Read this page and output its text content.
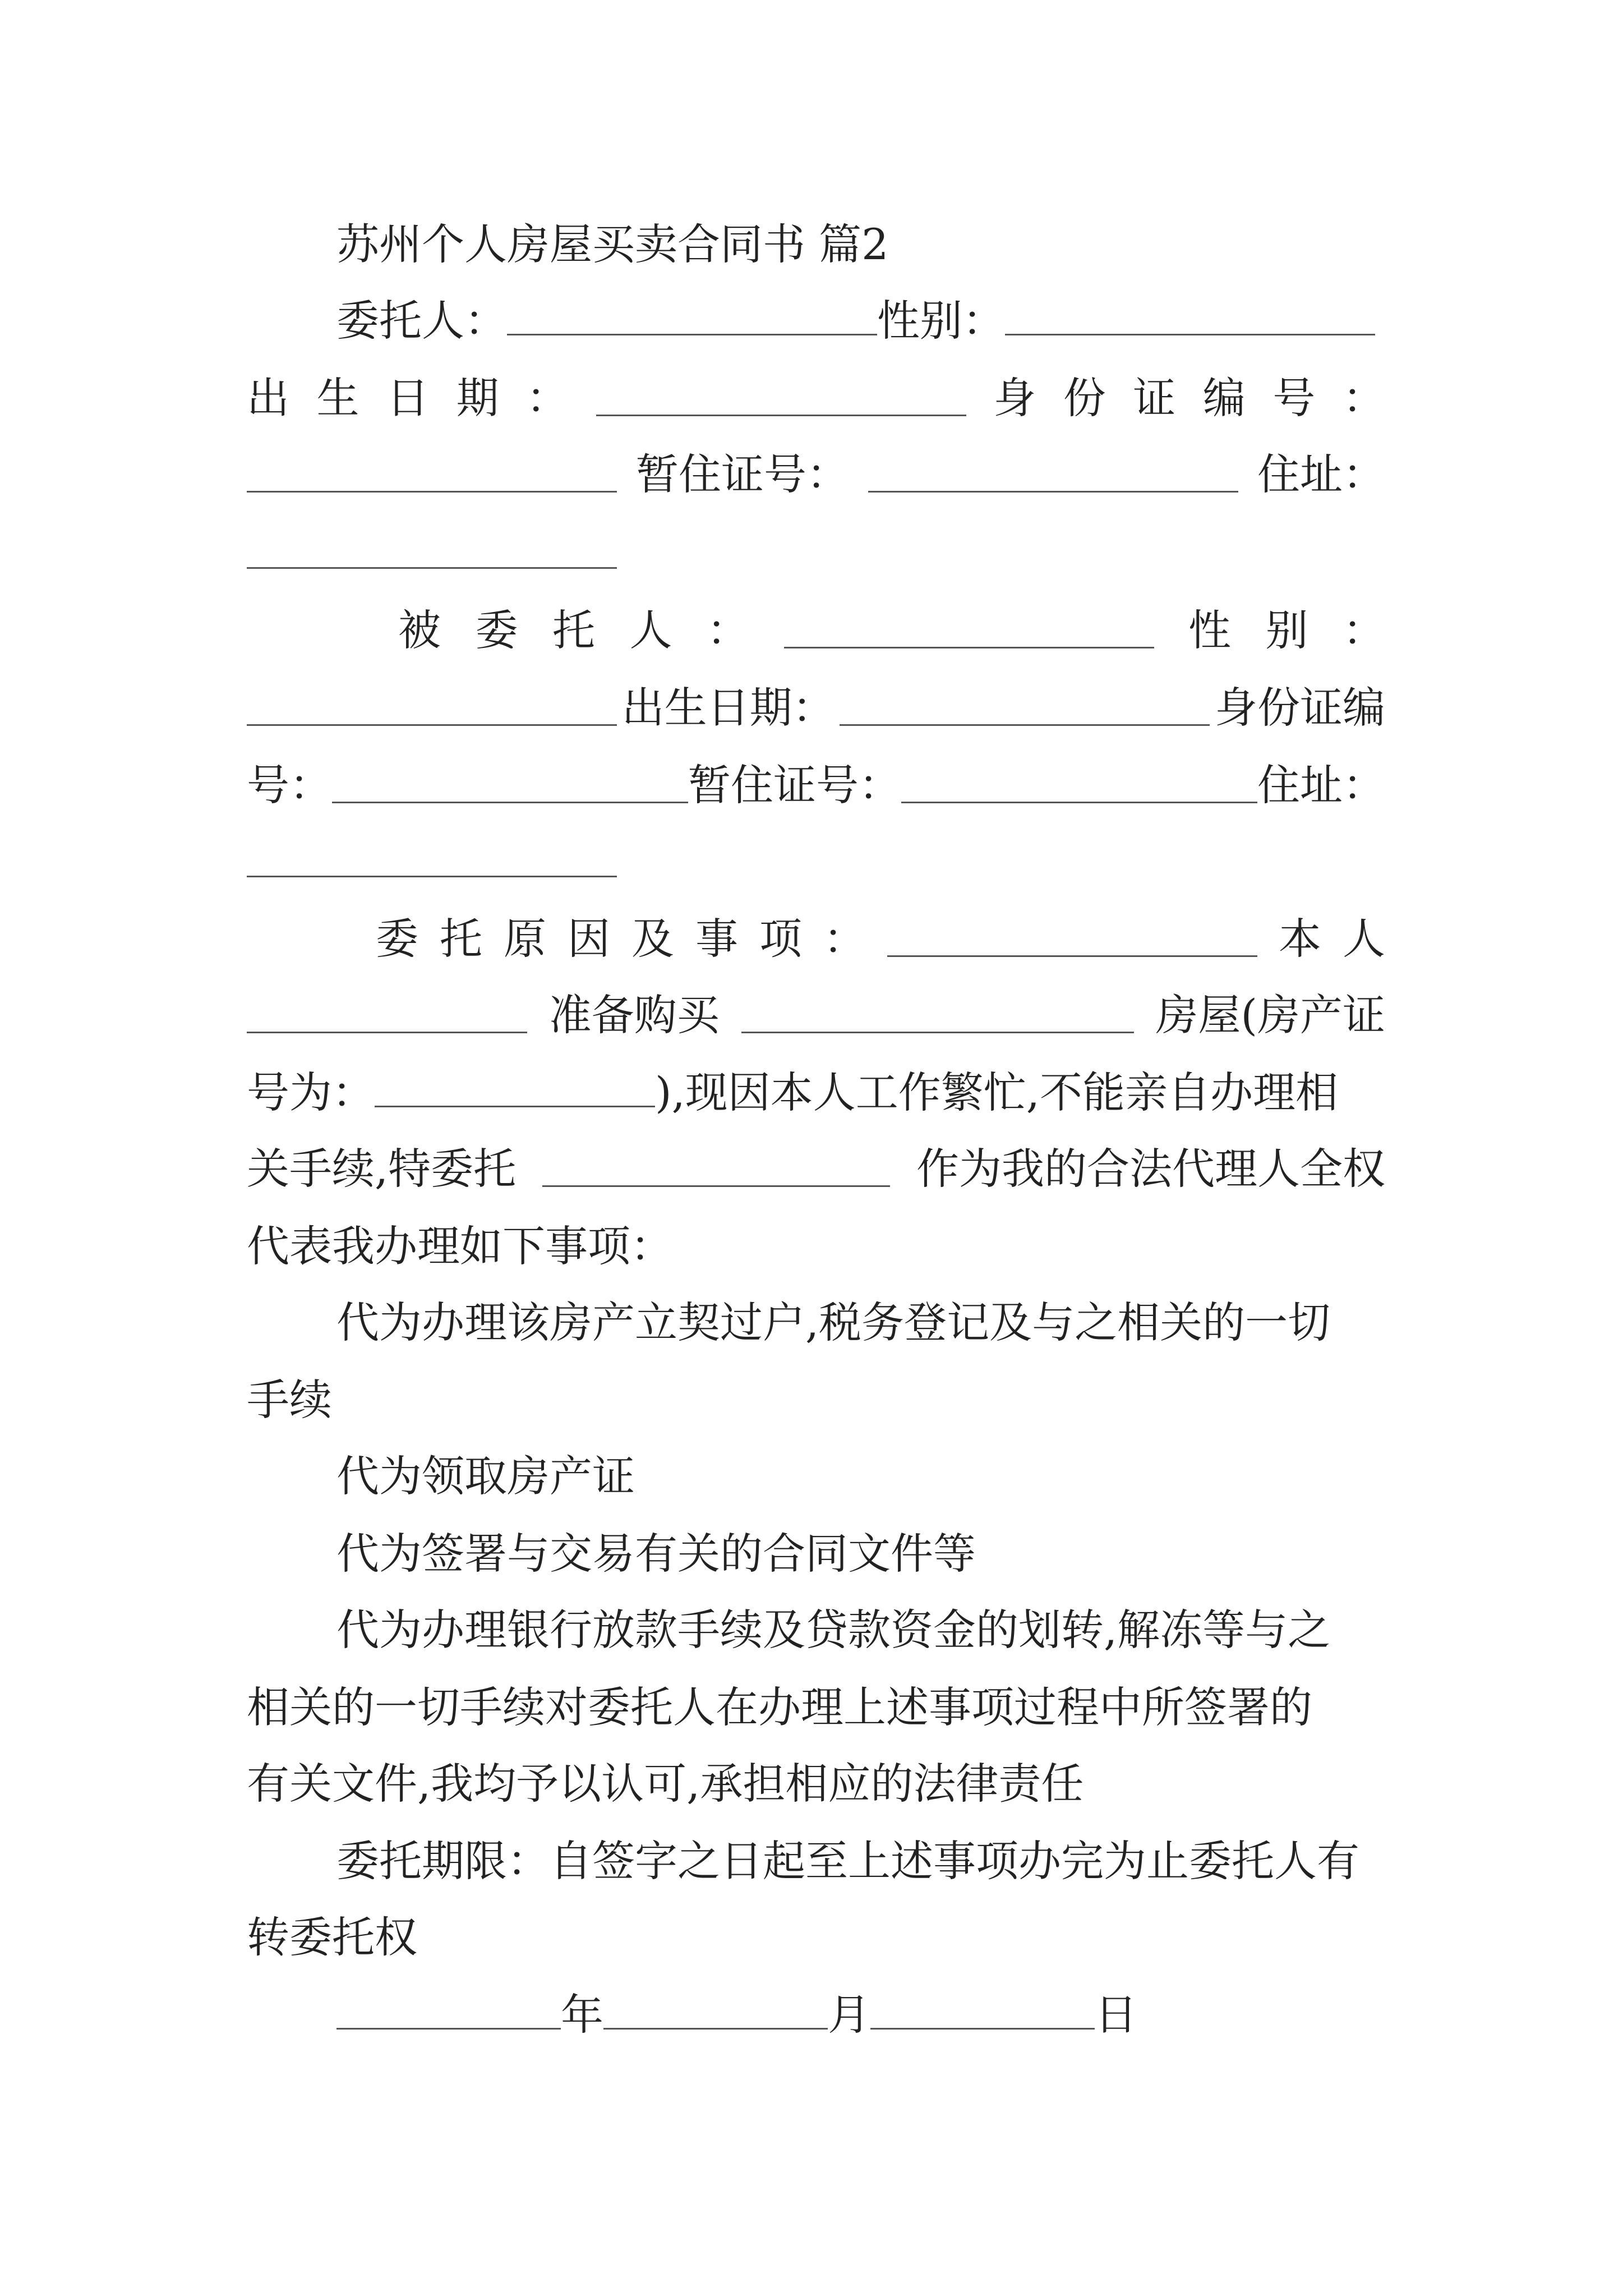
苏州个人房屋买卖合同书 篇2
委托人：	性别：
出 生 日 期 ：	身 份 证 编 号 ：
暂住证号：	住址：
被 委 托 人 ：	性 别 ：
出生日期：	身份证编
号：	暂住证号：	住址：
委 托 原 因 及 事 项 ：	本 人
准备购买	房屋(房产证
号为：	),现因本人工作繁忙,不能亲自办理相
关手续,特委托	作为我的合法代理人全权
代表我办理如下事项：
代为办理该房产立契过户,税务登记及与之相关的一切
手续
代为领取房产证
代为签署与交易有关的合同文件等
代为办理银行放款手续及贷款资金的划转,解冻等与之
相关的一切手续对委托人在办理上述事项过程中所签署的
有关文件,我均予以认可,承担相应的法律责任
委托期限：自签字之日起至上述事项办完为止委托人有
转委托权
年	月	日
